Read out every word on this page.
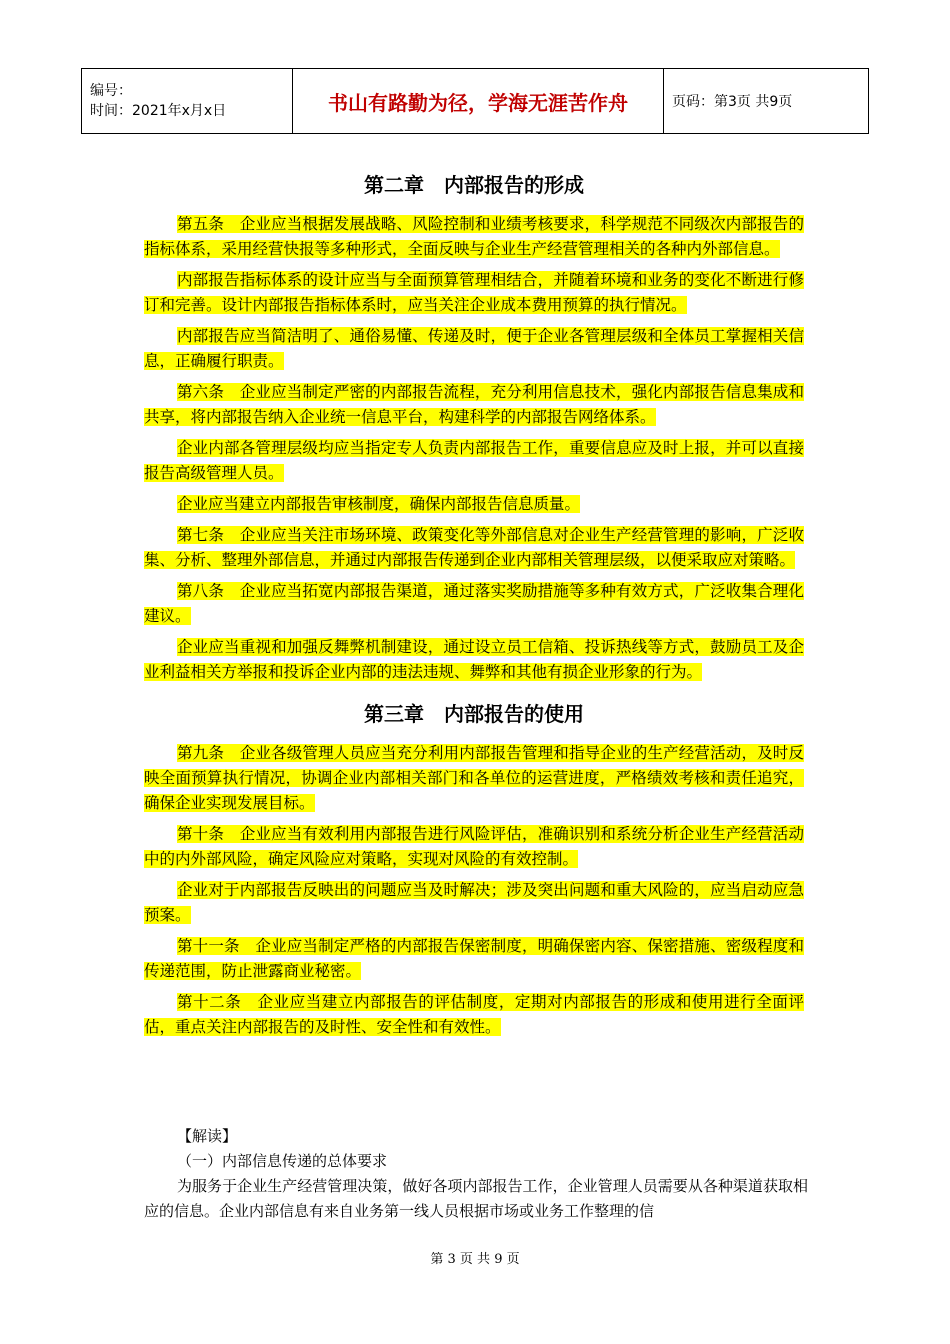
编号：
时间：2021年x月x日	书山有路勤为径，学海无涯苦作舟	页码：第3页 共9页
第二章　内部报告的形成

第五条　企业应当根据发展战略、风险控制和业绩考核要求，科学规范不同级次内部报告的指标体系，采用经营快报等多种形式，全面反映与企业生产经营管理相关的各种内外部信息。

内部报告指标体系的设计应当与全面预算管理相结合，并随着环境和业务的变化不断进行修订和完善。设计内部报告指标体系时，应当关注企业成本费用预算的执行情况。

内部报告应当简洁明了、通俗易懂、传递及时，便于企业各管理层级和全体员工掌握相关信息，正确履行职责。

第六条　企业应当制定严密的内部报告流程，充分利用信息技术，强化内部报告信息集成和共享，将内部报告纳入企业统一信息平台，构建科学的内部报告网络体系。

企业内部各管理层级均应当指定专人负责内部报告工作，重要信息应及时上报，并可以直接报告高级管理人员。

企业应当建立内部报告审核制度，确保内部报告信息质量。

第七条　企业应当关注市场环境、政策变化等外部信息对企业生产经营管理的影响，广泛收集、分析、整理外部信息，并通过内部报告传递到企业内部相关管理层级，以便采取应对策略。

第八条　企业应当拓宽内部报告渠道，通过落实奖励措施等多种有效方式，广泛收集合理化建议。

企业应当重视和加强反舞弊机制建设，通过设立员工信箱、投诉热线等方式，鼓励员工及企业利益相关方举报和投诉企业内部的违法违规、舞弊和其他有损企业形象的行为。

第三章　内部报告的使用

第九条　企业各级管理人员应当充分利用内部报告管理和指导企业的生产经营活动，及时反映全面预算执行情况，协调企业内部相关部门和各单位的运营进度，严格绩效考核和责任追究，确保企业实现发展目标。

第十条　企业应当有效利用内部报告进行风险评估，准确识别和系统分析企业生产经营活动中的内外部风险，确定风险应对策略，实现对风险的有效控制。

企业对于内部报告反映出的问题应当及时解决；涉及突出问题和重大风险的，应当启动应急预案。

第十一条　企业应当制定严格的内部报告保密制度，明确保密内容、保密措施、密级程度和传递范围，防止泄露商业秘密。

第十二条　企业应当建立内部报告的评估制度，定期对内部报告的形成和使用进行全面评估，重点关注内部报告的及时性、安全性和有效性。

【解读】

（一）内部信息传递的总体要求

为服务于企业生产经营管理决策，做好各项内部报告工作，企业管理人员需要从各种渠道获取相应的信息。企业内部信息有来自业务第一线人员根据市场或业务工作整理的信

第 3 页 共 9 页
